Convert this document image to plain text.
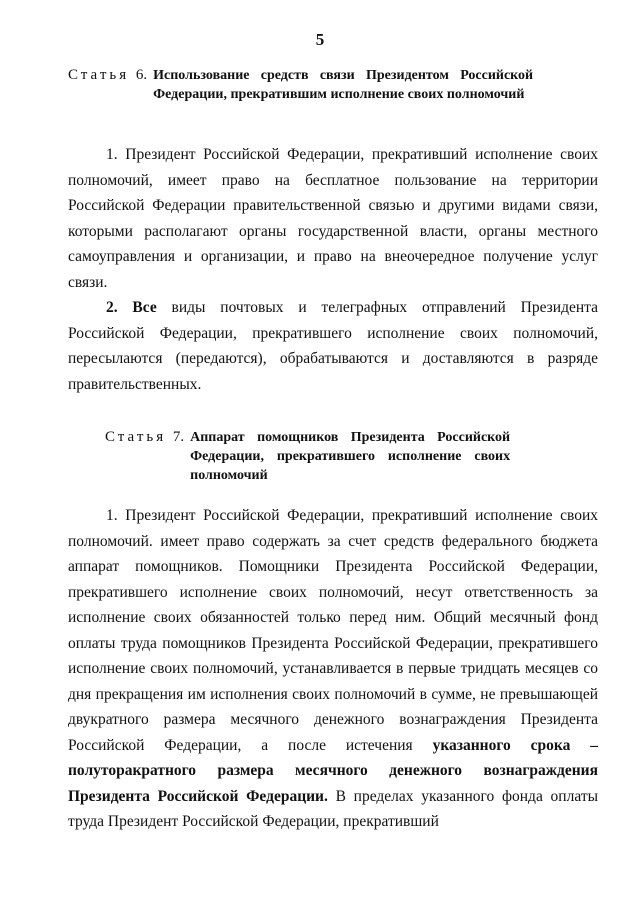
5
Статья 6. Использование средств связи Президентом Российской Федерации, прекратившим исполнение своих полномочий

1. Президент Российской Федерации, прекративший исполнение своих полномочий, имеет право на бесплатное пользование на территории Российской Федерации правительственной связью и другими видами связи, которыми располагают органы государственной власти, органы местного самоуправления и организации, и право на внеочередное получение услуг связи.

2. Все виды почтовых и телеграфных отправлений Президента Российской Федерации, прекратившего исполнение своих полномочий, пересылаются (передаются), обрабатываются и доставляются в разряде правительственных.

Статья 7. Аппарат помощников Президента Российской Федерации, прекратившего исполнение своих полномочий

1. Президент Российской Федерации, прекративший исполнение своих полномочий. имеет право содержать за счет средств федерального бюджета аппарат помощников. Помощники Президента Российской Федерации, прекратившего исполнение своих полномочий, несут ответственность за исполнение своих обязанностей только перед ним. Общий месячный фонд оплаты труда помощников Президента Российской Федерации, прекратившего исполнение своих полномочий, устанавливается в первые тридцать месяцев со дня прекращения им исполнения своих полномочий в сумме, не превышающей двукратного размера месячного денежного вознаграждения Президента Российской Федерации, а после истечения указанного срока – полуторакратного размера месячного денежного вознаграждения Президента Российской Федерации. В пределах указанного фонда оплаты труда Президент Российской Федерации, прекративший
